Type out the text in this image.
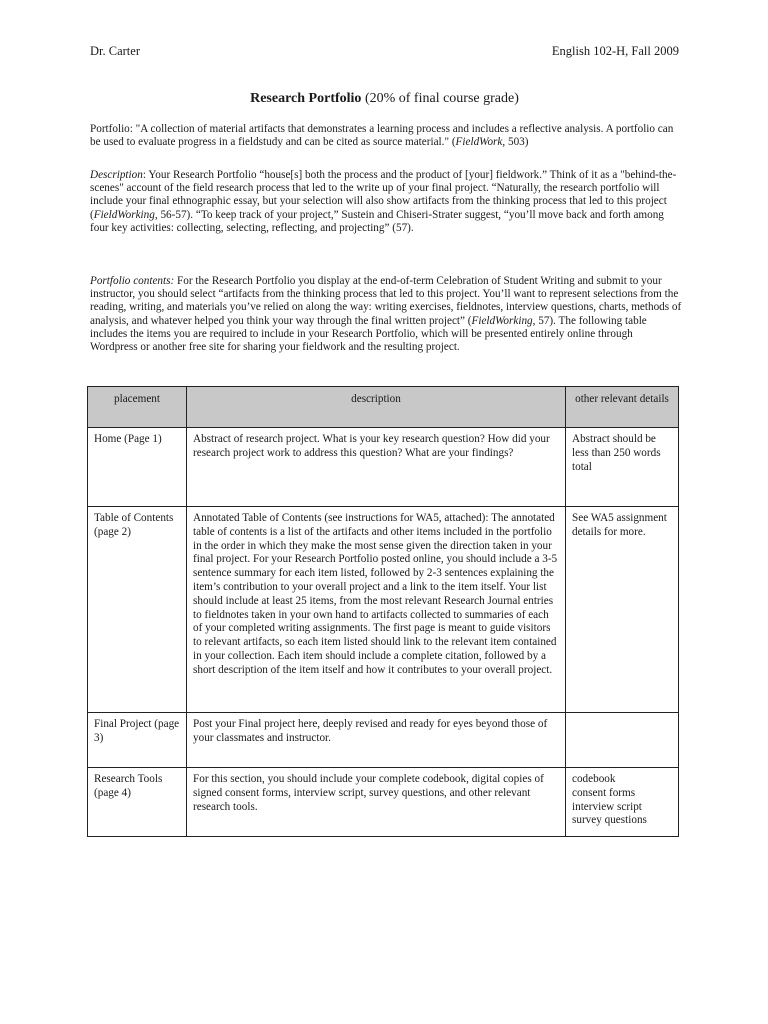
Dr. Carter	English 102-H, Fall 2009
Research Portfolio (20% of final course grade)

Portfolio: "A collection of material artifacts that demonstrates a learning process and includes a reflective analysis. A portfolio can be used to evaluate progress in a fieldstudy and can be cited as source material." (FieldWork, 503)

Description: Your Research Portfolio “house[s] both the process and the product of [your] fieldwork.” Think of it as a "behind-the-scenes" account of the field research process that led to the write up of your final project. “Naturally, the research portfolio will include your final ethnographic essay, but your selection will also show artifacts from the thinking process that led to this project (FieldWorking, 56-57). “To keep track of your project,” Sustein and Chiseri-Strater suggest, “you’ll move back and forth among four key activities: collecting, selecting, reflecting, and projecting” (57).

Portfolio contents: For the Research Portfolio you display at the end-of-term Celebration of Student Writing and submit to your instructor, you should select “artifacts from the thinking process that led to this project. You’ll want to represent selections from the reading, writing, and materials you’ve relied on along the way: writing exercises, fieldnotes, interview questions, charts, methods of analysis, and whatever helped you think your way through the final written project” (FieldWorking, 57). The following table includes the items you are required to include in your Research Portfolio, which will be presented entirely online through Wordpress or another free site for sharing your fieldwork and the resulting project.

placement	description	other relevant details
Home (Page 1)	Abstract of research project. What is your key research question? How did your research project work to address this question? What are your findings?	Abstract should be less than 250 words total
Table of Contents (page 2)	Annotated Table of Contents (see instructions for WA5, attached): The annotated table of contents is a list of the artifacts and other items included in the portfolio in the order in which they make the most sense given the direction taken in your final project. For your Research Portfolio posted online, you should include a 3-5 sentence summary for each item listed, followed by 2-3 sentences explaining the item’s contribution to your overall project and a link to the item itself. Your list should include at least 25 items, from the most relevant Research Journal entries to fieldnotes taken in your own hand to artifacts collected to summaries of each of your completed writing assignments. The first page is meant to guide visitors to relevant artifacts, so each item listed should link to the relevant item contained in your collection. Each item should include a complete citation, followed by a short description of the item itself and how it contributes to your overall project.	See WA5 assignment details for more.
Final Project (page 3)	Post your Final project here, deeply revised and ready for eyes beyond those of your classmates and instructor.	
Research Tools (page 4)	For this section, you should include your complete codebook, digital copies of signed consent forms, interview script, survey questions, and other relevant research tools.	codebook
consent forms
interview script
survey questions
